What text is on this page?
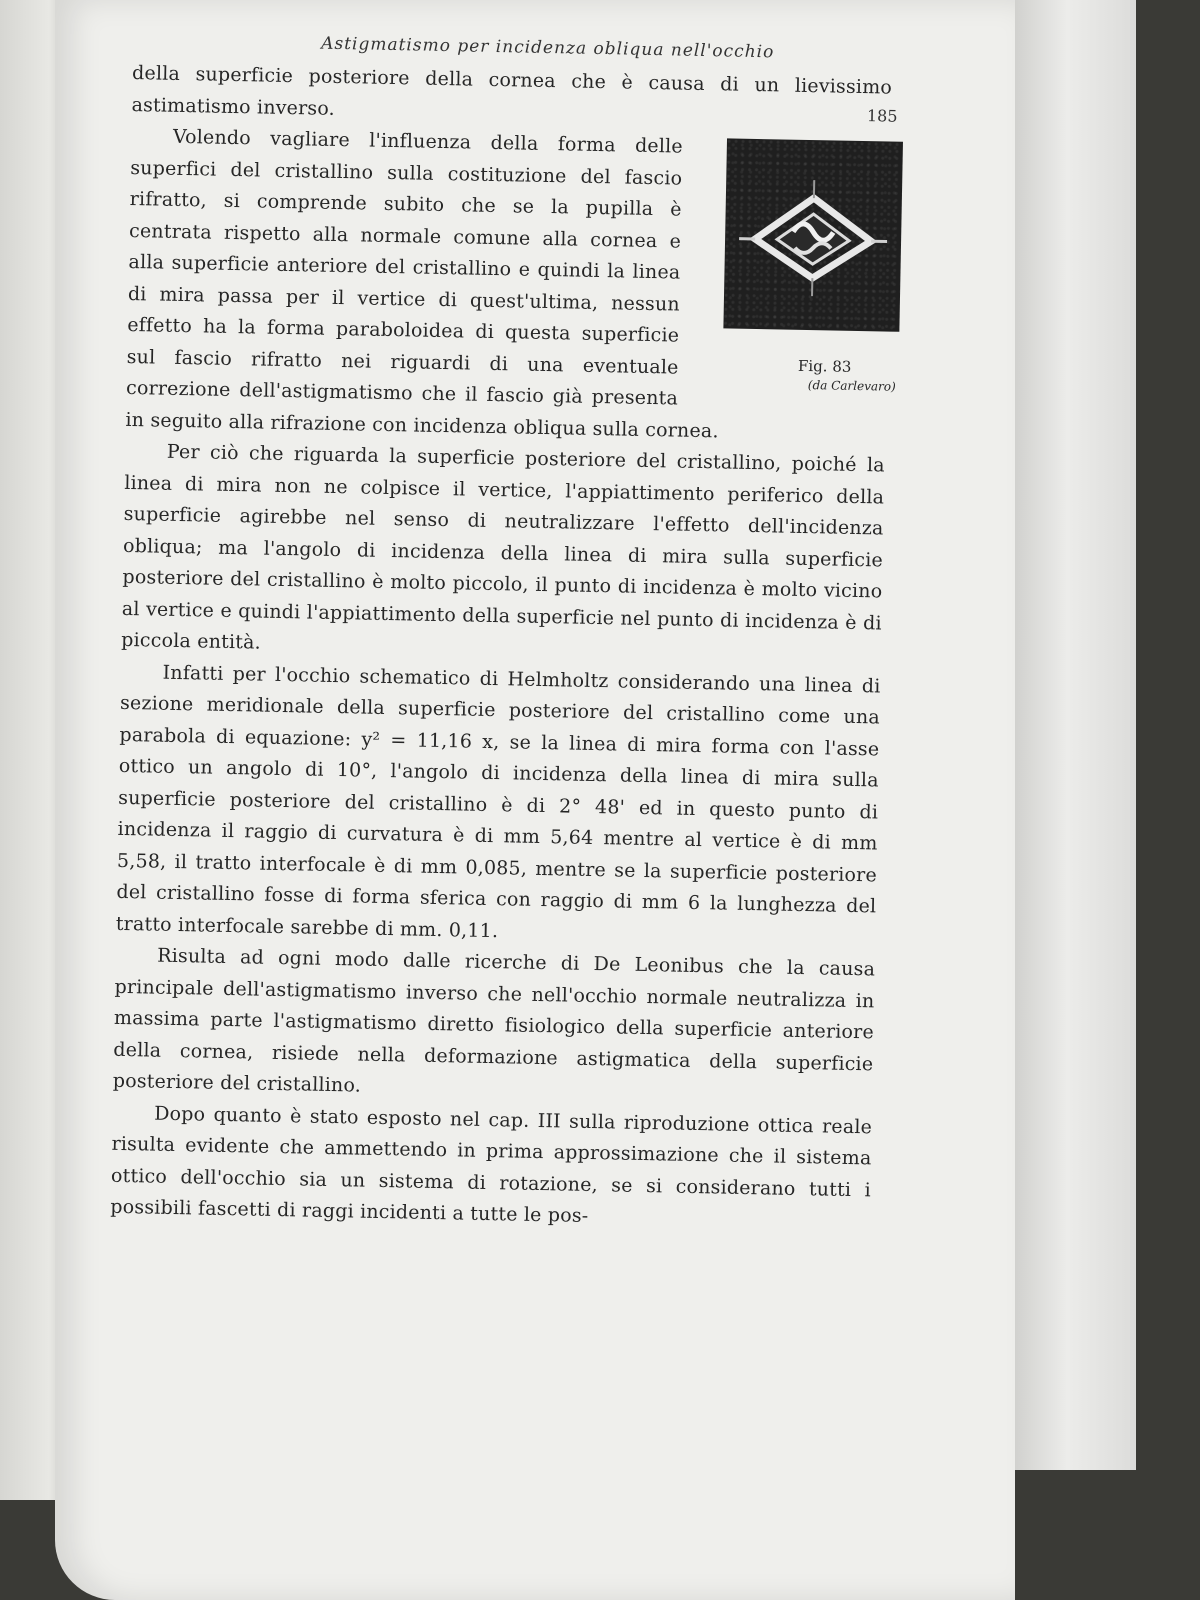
Astigmatismo per incidenza obliqua nell'occhio
185

della superficie posteriore della cornea che è causa di un lievissimo astimatismo inverso.

Fig. 83
(da Carlevaro)

Volendo vagliare l'influenza della forma delle superfici del cristallino sulla costituzione del fascio rifratto, si comprende subito che se la pupilla è centrata rispetto alla normale comune alla cornea e alla superficie anteriore del cristallino e quindi la linea di mira passa per il vertice di quest'ultima, nessun effetto ha la forma paraboloidea di questa superficie sul fascio rifratto nei riguardi di una eventuale correzione dell'astigmatismo che il fascio già presenta in seguito alla rifrazione con incidenza obliqua sulla cornea.

Per ciò che riguarda la superficie posteriore del cristallino, poiché la linea di mira non ne colpisce il vertice, l'appiattimento periferico della superficie agirebbe nel senso di neutralizzare l'effetto dell'incidenza obliqua; ma l'angolo di incidenza della linea di mira sulla superficie posteriore del cristallino è molto piccolo, il punto di incidenza è molto vicino al vertice e quindi l'appiattimento della superficie nel punto di incidenza è di piccola entità.

Infatti per l'occhio schematico di Helmholtz considerando una linea di sezione meridionale della superficie posteriore del cristallino come una parabola di equazione: y² = 11,16 x, se la linea di mira forma con l'asse ottico un angolo di 10°, l'angolo di incidenza della linea di mira sulla superficie posteriore del cristallino è di 2° 48' ed in questo punto di incidenza il raggio di curvatura è di mm 5,64 mentre al vertice è di mm 5,58, il tratto interfocale è di mm 0,085, mentre se la superficie posteriore del cristallino fosse di forma sferica con raggio di mm 6 la lunghezza del tratto interfocale sarebbe di mm. 0,11.

Risulta ad ogni modo dalle ricerche di De Leonibus che la causa principale dell'astigmatismo inverso che nell'occhio normale neutralizza in massima parte l'astigmatismo diretto fisiologico della superficie anteriore della cornea, risiede nella deformazione astigmatica della superficie posteriore del cristallino.

Dopo quanto è stato esposto nel cap. III sulla riproduzione ottica reale risulta evidente che ammettendo in prima approssimazione che il sistema ottico dell'occhio sia un sistema di rotazione, se si considerano tutti i possibili fascetti di raggi incidenti a tutte le pos-
